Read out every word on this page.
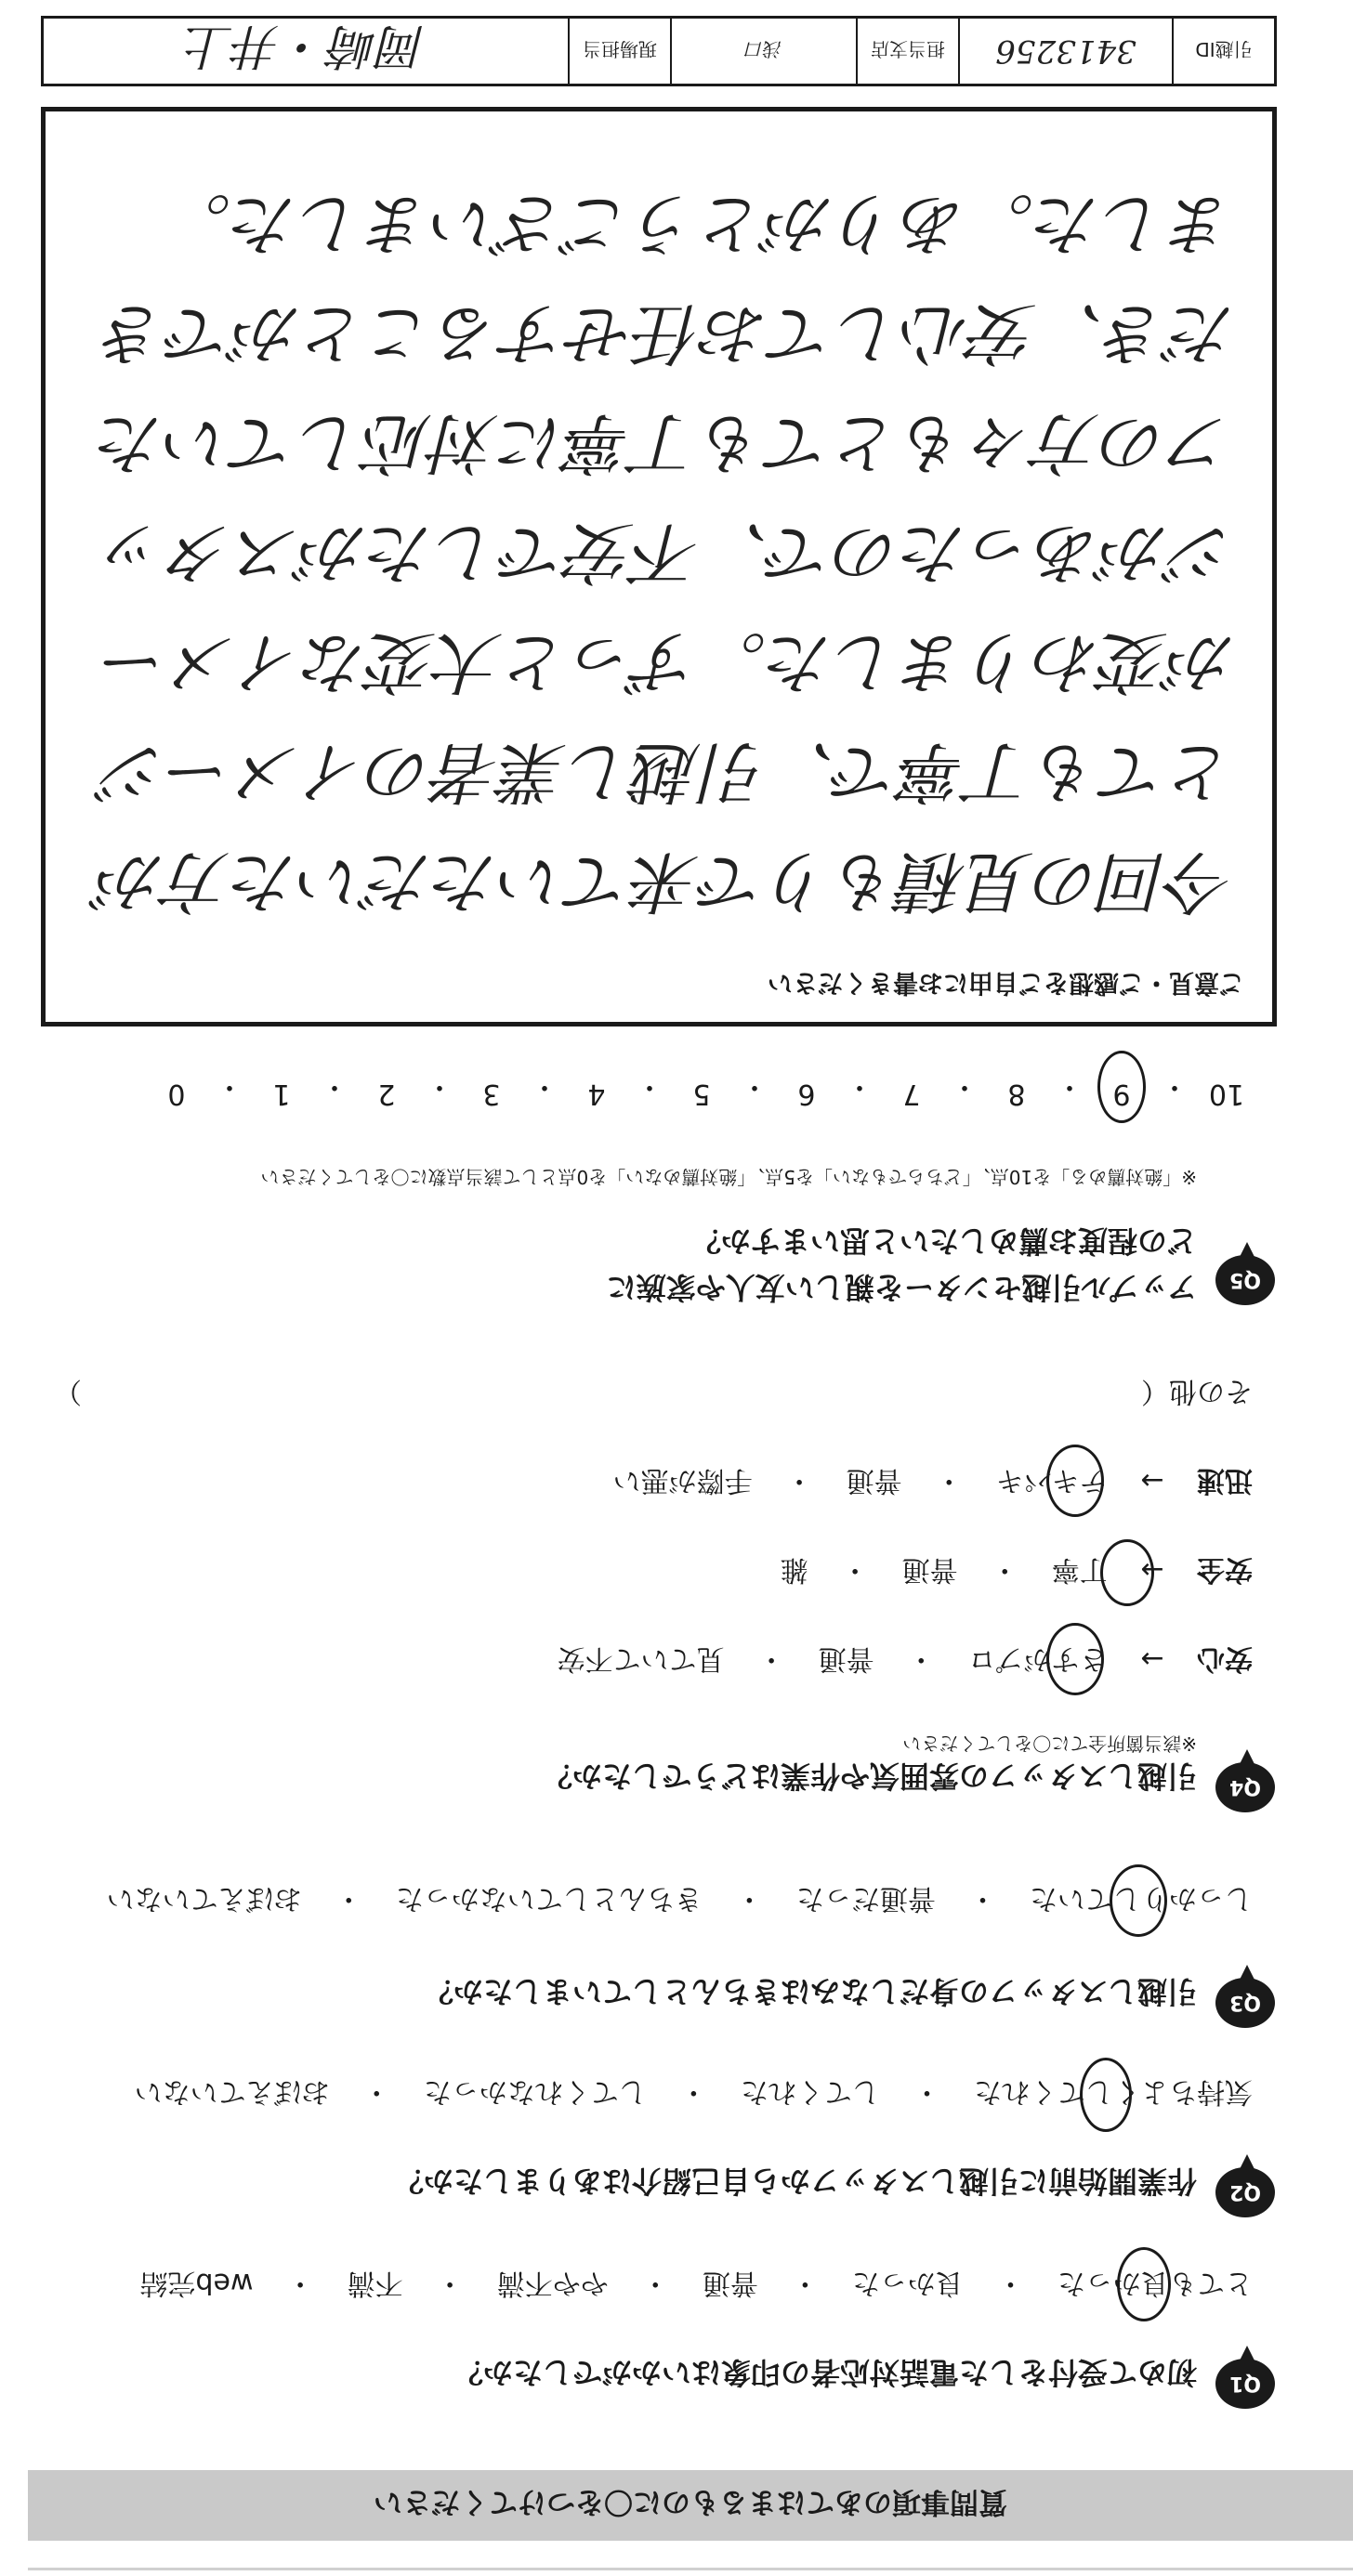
引越ID
3413256
担当支店
浅口
現場担当
岡崎・井上
ご意見・ご感想をご自由にお書きください
今回の見積もりで来ていただいた方がとても丁寧で、引越し業者のイメージが変わりました。ずっと大変なイメージがあったので、不安でしたがスタッフの方々もとても丁寧に対応していただき、安心してお任せすることができました。ありがとうございました。
10
・
9
・
8
・
7
・
6
・
5
・
4
・
3
・
2
・
1
・
0
Q5
アップル引越センターを親しい友人や家族にどの程度お薦めしたいと思いますか？
※「絶対薦める」を10点、「どちらでもない」を5点、「絶対薦めない」を0点として該当点数に〇をしてください
Q4
引越しスタッフの雰囲気や作業はどうでしたか？
※該当箇所全てに〇をしてください
安心 → さすがプロ ・ 普通 ・ 見ていて不安
安全 → 丁寧 ・ 普通 ・ 雑
迅速 → テキパキ ・ 普通 ・ 手際が悪い
その他（
）
Q3
引越しスタッフの身だしなみはきちんとしていましたか？
しっかりしていた ・ 普通だった ・ きちんとしていなかった ・ おぼえていない
Q2
作業開始前に引越しスタッフから自己紹介はありましたか？
気持ちよくしてくれた ・ してくれた ・ してくれなかった ・ おぼえていない
Q1
初めて受付をした電話対応者の印象はいかがでしたか？
とても良かった ・ 良かった ・ 普通 ・ やや不満 ・ 不満 ・ web完結
質問事項のあてはまるものに〇をつけてください
